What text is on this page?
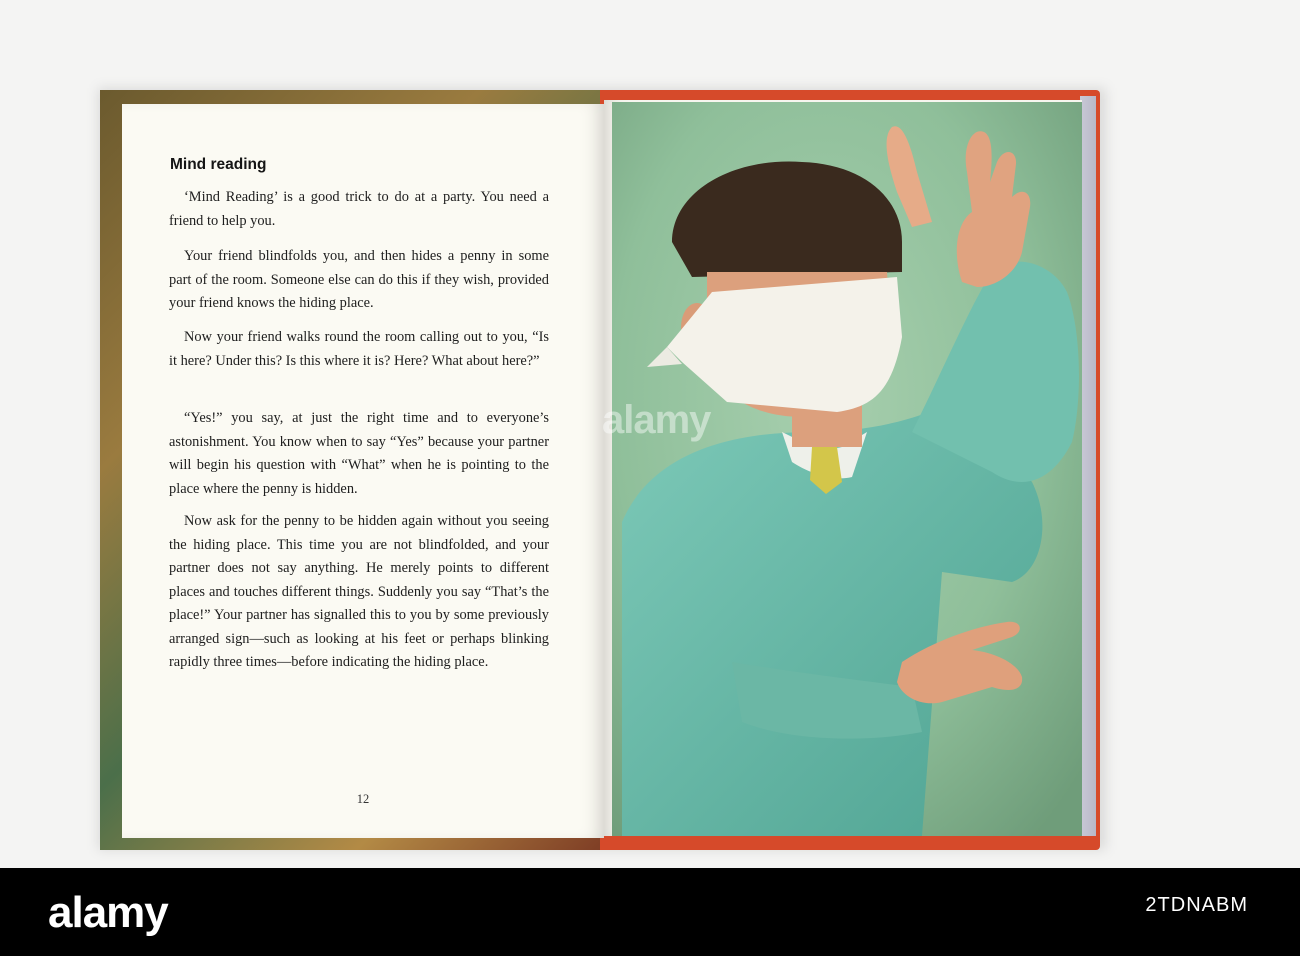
Mind reading

‘Mind Reading’ is a good trick to do at a party. You need a friend to help you.

Your friend blindfolds you, and then hides a penny in some part of the room. Someone else can do this if they wish, provided your friend knows the hiding place.

Now your friend walks round the room calling out to you, “Is it here? Under this? Is this where it is? Here? What about here?”

“Yes!” you say, at just the right time and to everyone’s astonishment. You know when to say “Yes” because your partner will begin his question with “What” when he is pointing to the place where the penny is hidden.

Now ask for the penny to be hidden again without you seeing the hiding place. This time you are not blindfolded, and your partner does not say anything. He merely points to different places and touches different things. Suddenly you say “That’s the place!” Your partner has signalled this to you by some previously arranged sign—such as looking at his feet or perhaps blinking rapidly three times—before indicating the hiding place.

12
alamy
alamy	2TDNABM
